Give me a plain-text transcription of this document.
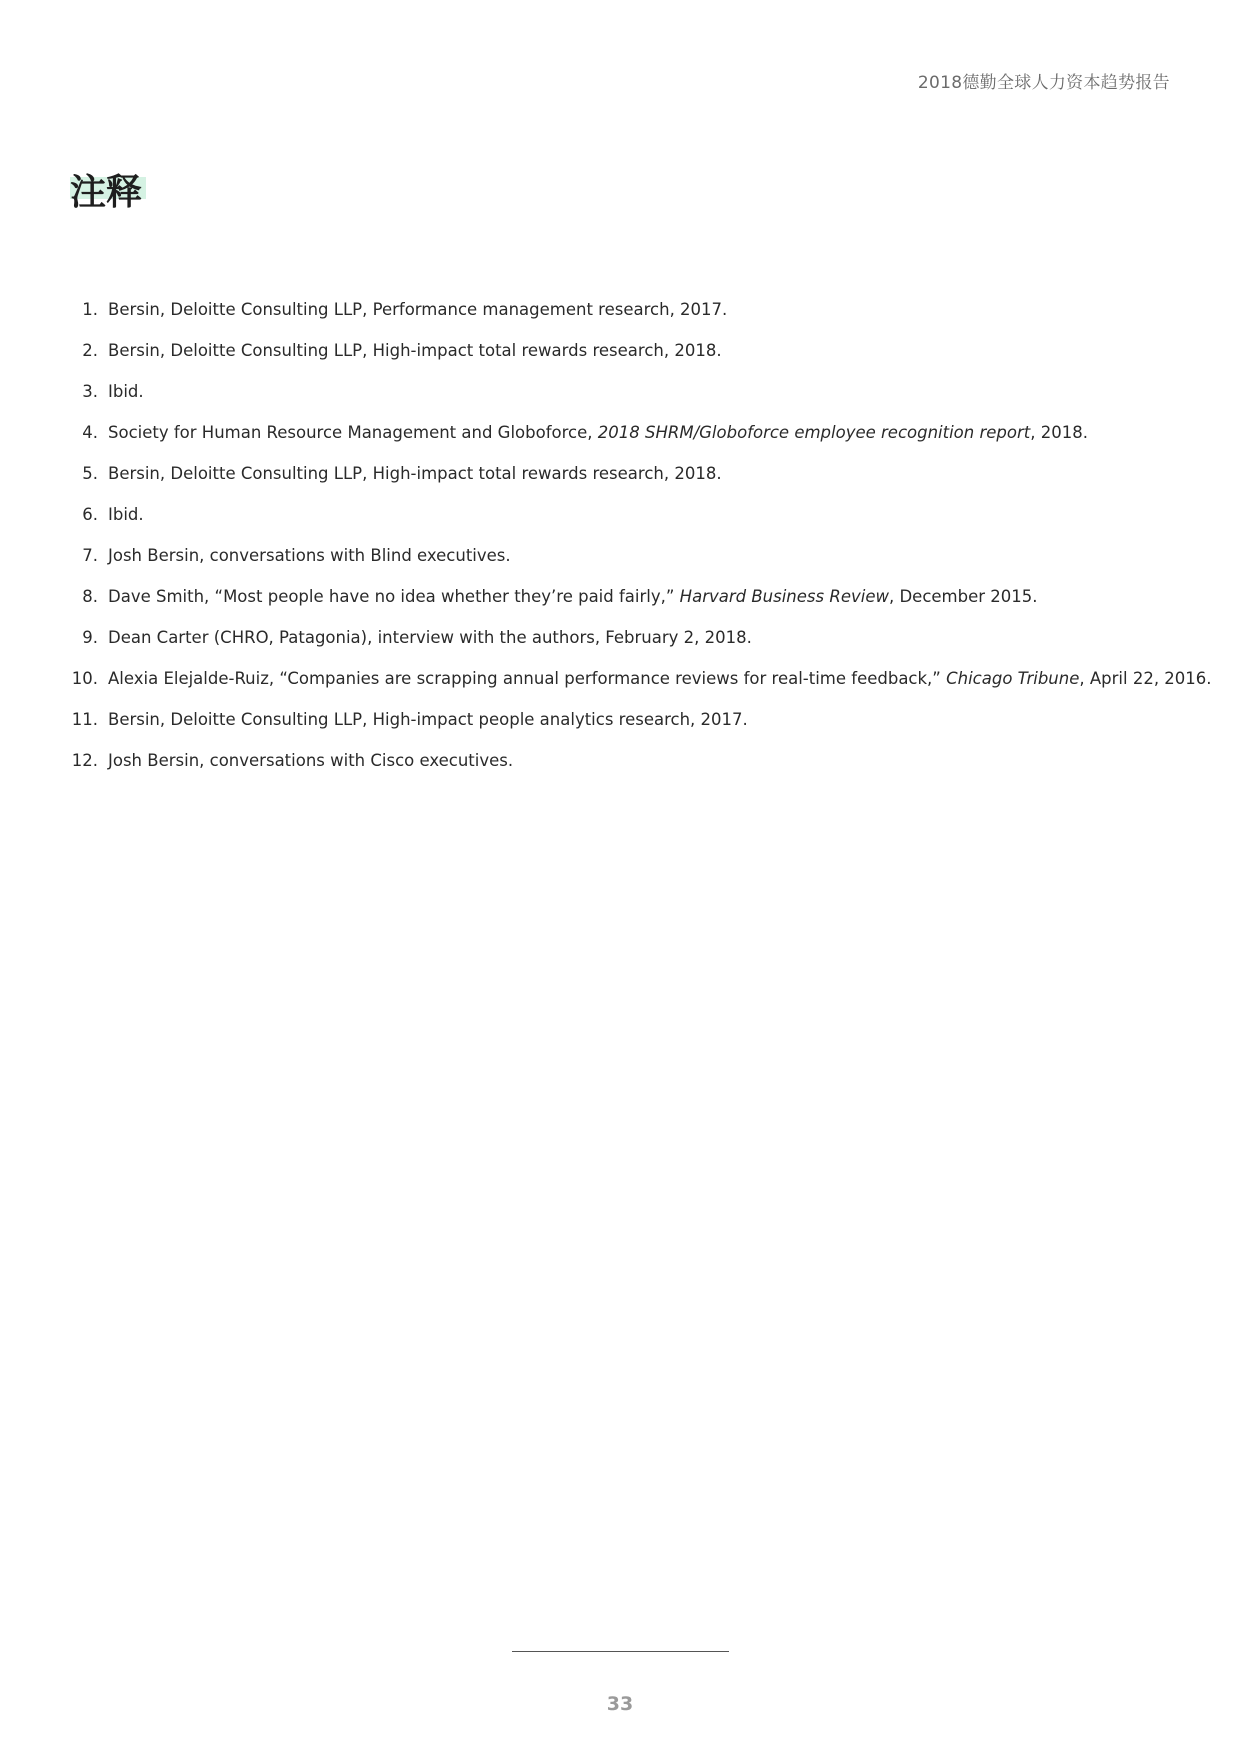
2018德勤全球人力资本趋势报告
注释
1. Bersin, Deloitte Consulting LLP, Performance management research, 2017.
2. Bersin, Deloitte Consulting LLP, High-impact total rewards research, 2018.
3. Ibid.
4. Society for Human Resource Management and Globoforce, 2018 SHRM/Globoforce employee recognition report, 2018.
5. Bersin, Deloitte Consulting LLP, High-impact total rewards research, 2018.
6. Ibid.
7. Josh Bersin, conversations with Blind executives.
8. Dave Smith, “Most people have no idea whether they’re paid fairly,” Harvard Business Review, December 2015.
9. Dean Carter (CHRO, Patagonia), interview with the authors, February 2, 2018.
10. Alexia Elejalde-Ruiz, “Companies are scrapping annual performance reviews for real-time feedback,” Chicago Tribune, April 22, 2016.
11. Bersin, Deloitte Consulting LLP, High-impact people analytics research, 2017.
12. Josh Bersin, conversations with Cisco executives.
33
